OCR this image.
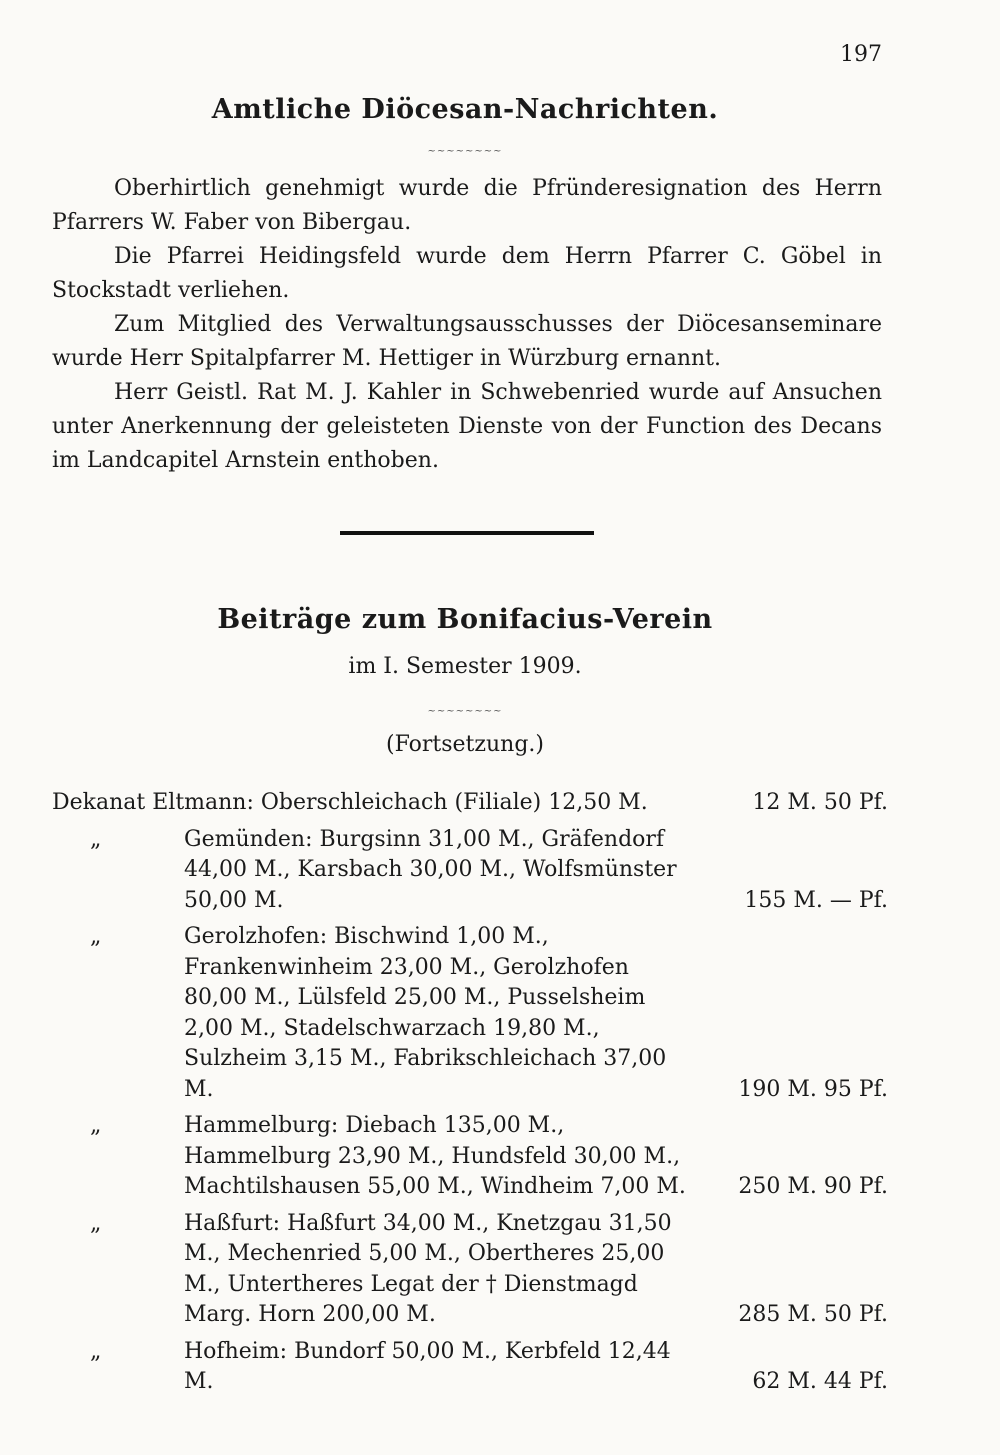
197
Amtliche Diöcesan-Nachrichten.
~~~~~~~~

Oberhirtlich genehmigt wurde die Pfründeresignation des Herrn Pfarrers W. Faber von Bibergau.

Die Pfarrei Heidingsfeld wurde dem Herrn Pfarrer C. Göbel in Stockstadt verliehen.

Zum Mitglied des Verwaltungsausschusses der Diöcesanseminare wurde Herr Spitalpfarrer M. Hettiger in Würzburg ernannt.

Herr Geistl. Rat M. J. Kahler in Schwebenried wurde auf Ansuchen unter Anerkennung der geleisteten Dienste von der Function des Decans im Landcapitel Arnstein enthoben.

Beiträge zum Bonifacius-Verein
im I. Semester 1909.
~~~~~~~~
(Fortsetzung.)
Dekanat Eltmann: Oberschleichach (Filiale) 12,50 M.	12 M. 50 Pf.
„	Gemünden: Burgsinn 31,00 M., Gräfendorf 44,00 M., Karsbach 30,00 M., Wolfsmünster 50,00 M.	155 M. — Pf.
„	Gerolzhofen: Bischwind 1,00 M., Frankenwinheim 23,00 M., Gerolzhofen 80,00 M., Lülsfeld 25,00 M., Pusselsheim 2,00 M., Stadelschwarzach 19,80 M., Sulzheim 3,15 M., Fabrikschleichach 37,00 M.	190 M. 95 Pf.
„	Hammelburg: Diebach 135,00 M., Hammelburg 23,90 M., Hundsfeld 30,00 M., Machtilshausen 55,00 M., Windheim 7,00 M.	250 M. 90 Pf.
„	Haßfurt: Haßfurt 34,00 M., Knetzgau 31,50 M., Mechenried 5,00 M., Obertheres 25,00 M., Untertheres Legat der † Dienstmagd Marg. Horn 200,00 M.	285 M. 50 Pf.
„	Hofheim: Bundorf 50,00 M., Kerbfeld 12,44 M.	62 M. 44 Pf.
